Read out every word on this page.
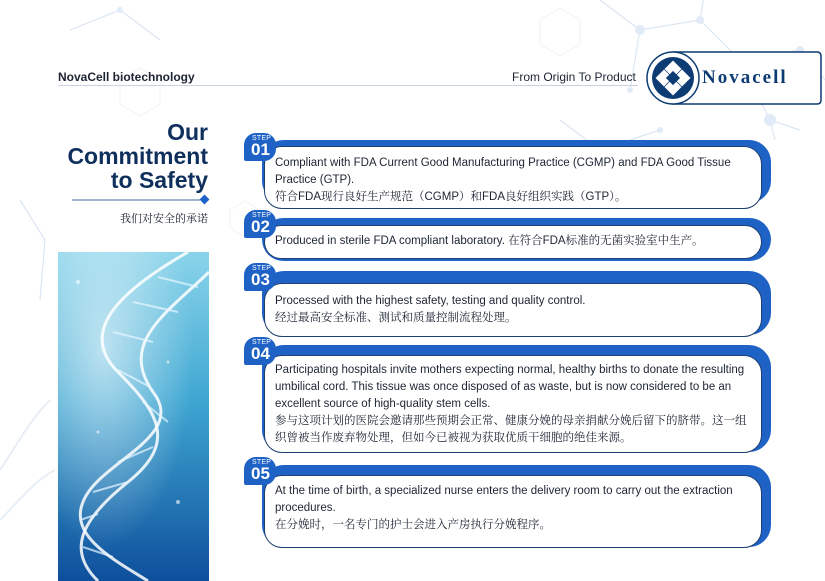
NovaCell biotechnology	From Origin To Product	Novacell
Our
Commitment
to Safety
我们对安全的承诺
Compliant with FDA Current Good Manufacturing Practice (CGMP) and FDA Good Tissue Practice (GTP).
符合FDA现行良好生产规范（CGMP）和FDA良好组织实践（GTP）。
STEP
01
Produced in sterile FDA compliant laboratory. 在符合FDA标准的无菌实验室中生产。
STEP
02
Processed with the highest safety, testing and quality control.
经过最高安全标准、测试和质量控制流程处理。
STEP
03
Participating hospitals invite mothers expecting normal, healthy births to donate the resulting umbilical cord. This tissue was once disposed of as waste, but is now considered to be an excellent source of high-quality stem cells.
参与这项计划的医院会邀请那些预期会正常、健康分娩的母亲捐献分娩后留下的脐带。这一组织曾被当作废弃物处理，但如今已被视为获取优质干细胞的绝佳来源。
STEP
04
At the time of birth, a specialized nurse enters the delivery room to carry out the extraction procedures.
在分娩时，一名专门的护士会进入产房执行分娩程序。
STEP
05
